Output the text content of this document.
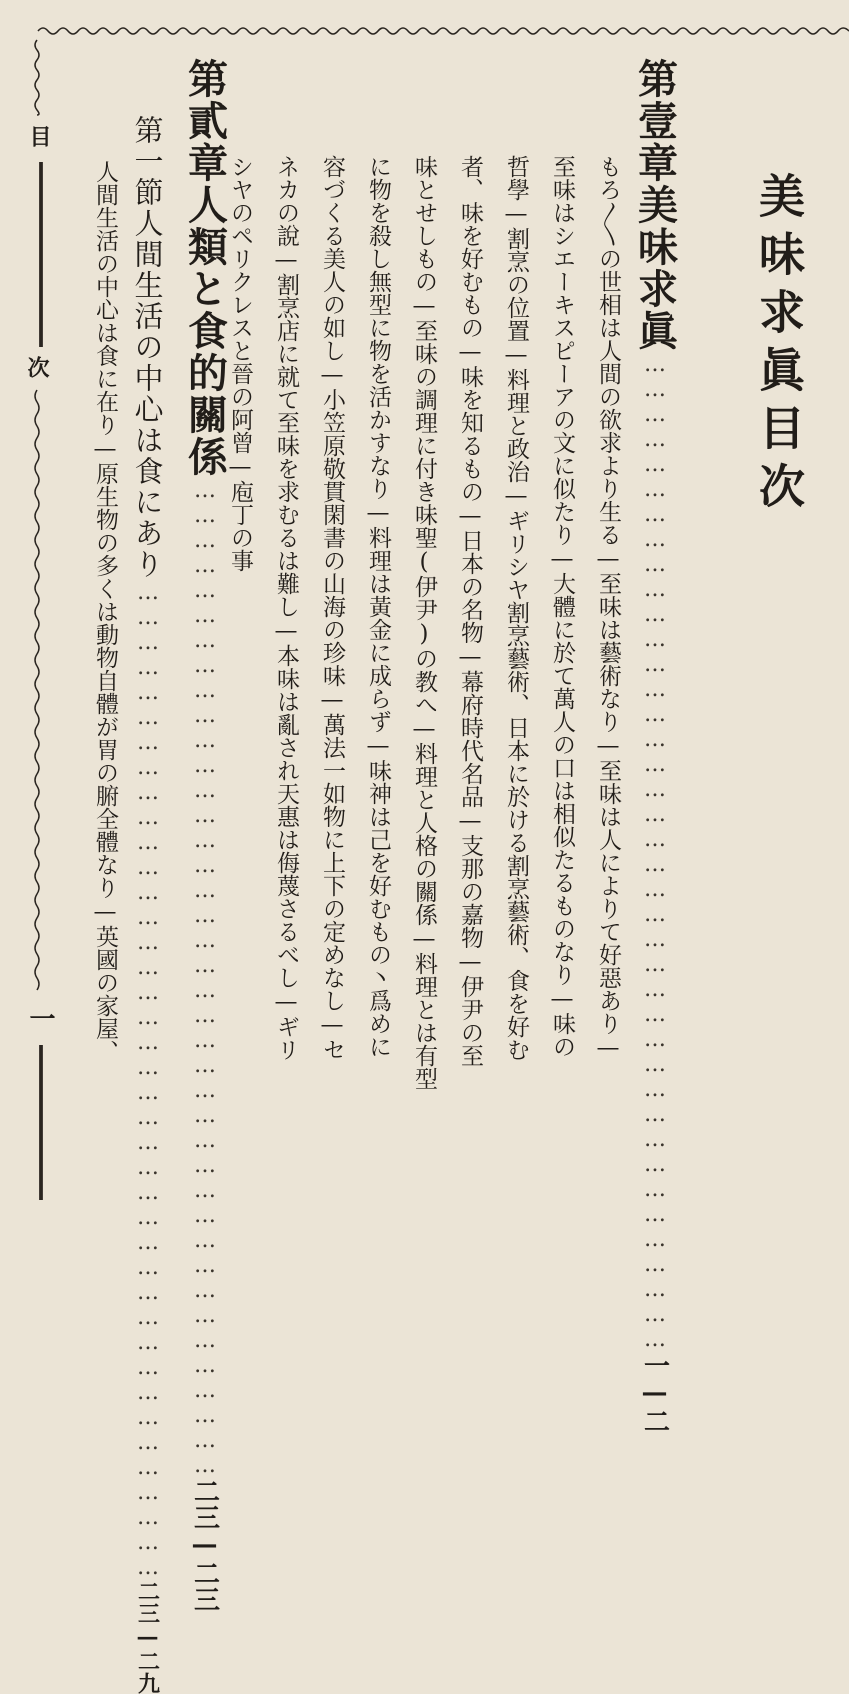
目
次
一
美味求眞目次
第壹章
美味求眞
…………………………………………………………………………………………………………
一—二
もろ〳〵の世相は人間の欲求より生る—至味は藝術なり—至味は人によりて好惡あり—
至味はシエーキスピーアの文に似たり—大體に於て萬人の口は相似たるものなり—味の
哲學—割烹の位置—料理と政治—ギリシヤ割烹藝術、日本に於ける割烹藝術、食を好む
者、味を好むもの—味を知るもの—日本の名物—幕府時代名品—支那の嘉物—伊尹の至
味とせしもの—至味の調理に付き味聖(伊尹)の教へ—料理と人格の關係—料理とは有型
に物を殺し無型に物を活かすなり—料理は黃金に成らず—味神は己を好むもの丶爲めに
容づくる美人の如し—小笠原敬貫閑書の山海の珍味—萬法一如物に上下の定めなし—セ
ネカの說—割烹店に就て至味を求むるは難し—本味は亂され天惠は侮蔑さるべし—ギリ
シヤのペリクレスと晉の阿曾—庖丁の事
第貳章
人類と食的關係
…………………………………………………………………………………………………………
二三—二三
第一節
人間生活の中心は食にあり
…………………………………………………………………………………………………………
二三—二九
人間生活の中心は食に在り—原生物の多くは動物自體が胃の腑全體なり—英國の家屋、
